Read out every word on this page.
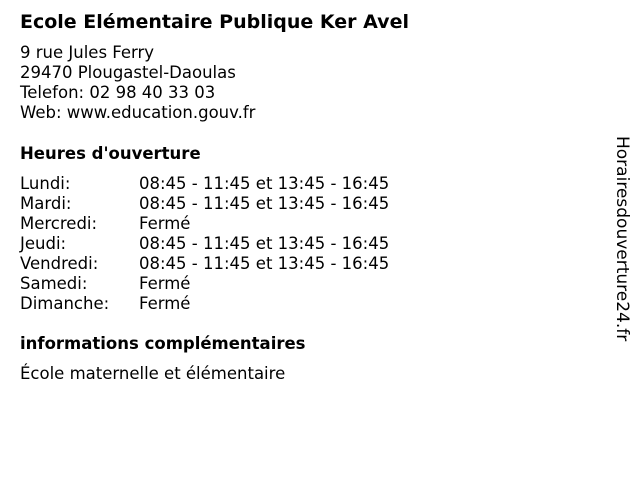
Ecole Elémentaire Publique Ker Avel
9 rue Jules Ferry
29470 Plougastel-Daoulas
Telefon: 02 98 40 33 03
Web: www.education.gouv.fr
Heures d'ouverture
Lundi:	08:45 - 11:45 et 13:45 - 16:45
Mardi:	08:45 - 11:45 et 13:45 - 16:45
Mercredi:	Fermé
Jeudi:	08:45 - 11:45 et 13:45 - 16:45
Vendredi:	08:45 - 11:45 et 13:45 - 16:45
Samedi:	Fermé
Dimanche:	Fermé
informations complémentaires
École maternelle et élémentaire
Horairesdouverture24.fr
